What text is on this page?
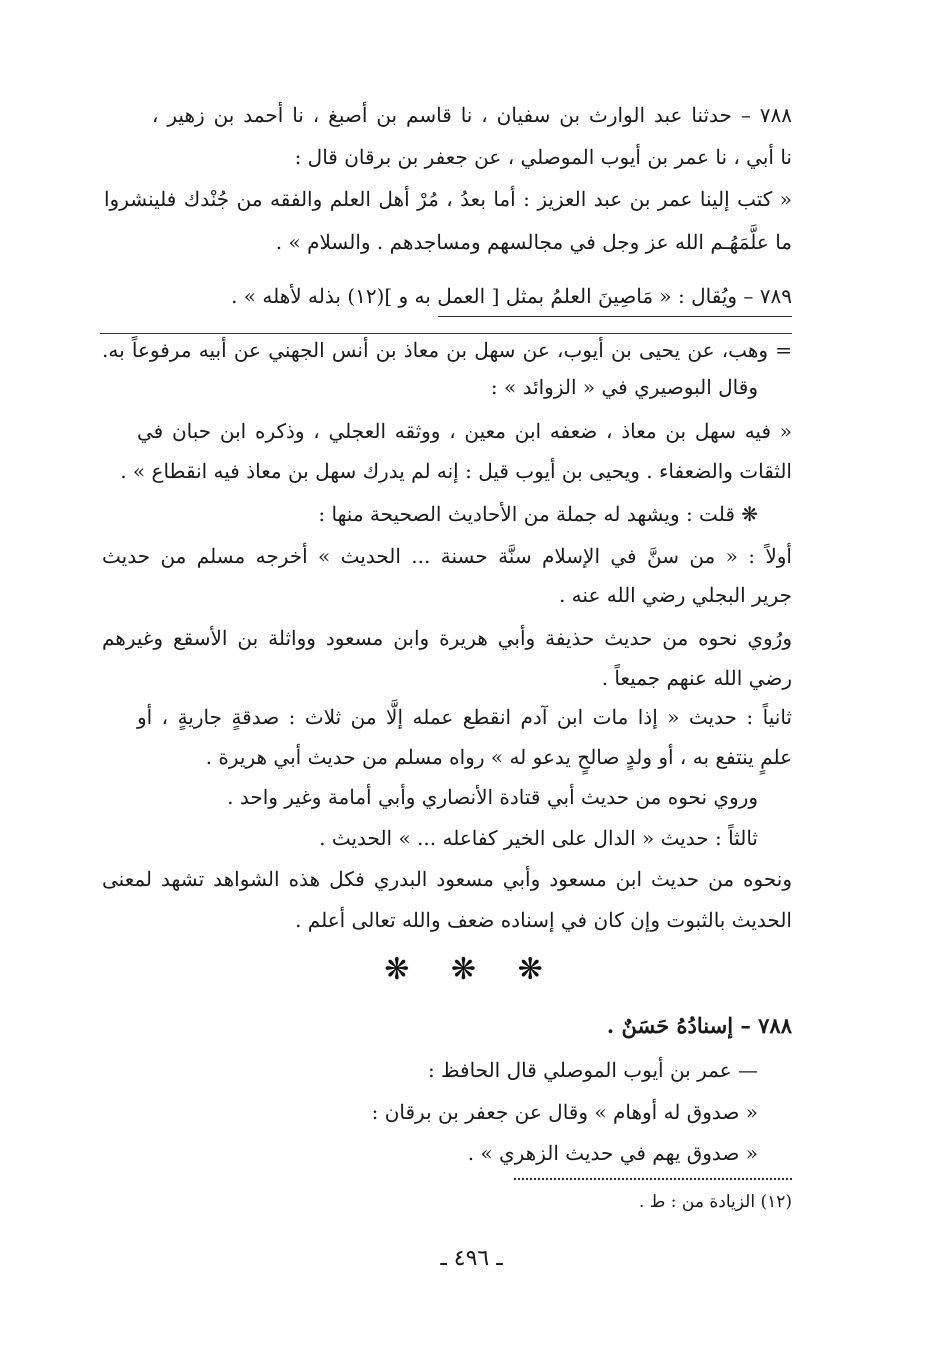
٧٨٨ – حدثنا عبد الوارث بن سفيان ، نا قاسم بن أصبغ ، نا أحمد بن زهير ،
نا أبي ، نا عمر بن أيوب الموصلي ، عن جعفر بن برقان قال :
« كتب إلينا عمر بن عبد العزيز : أما بعدُ ، مُرْ أهل العلم والفقه من جُنْدك فلينشروا
ما علَّمَهُـم الله عز وجل في مجالسهم ومساجدهم . والسلام » .
٧٨٩ – ويُقال : « مَاصِينَ العلمُ بمثل [ العمل به و ](١٢) بذله لأهله » .
= وهب، عن يحيى بن أيوب، عن سهل بن معاذ بن أنس الجهني عن أبيه مرفوعاً به.
وقال البوصيري في « الزوائد » :
« فيه سهل بن معاذ ، ضعفه ابن معين ، ووثقه العجلي ، وذكره ابن حبان في
الثقات والضعفاء . ويحيى بن أيوب قيل : إنه لم يدرك سهل بن معاذ فيه انقطاع » .
❋ قلت : ويشهد له جملة من الأحاديث الصحيحة منها :
أولاً : « من سنَّ في الإسلام سنَّة حسنة ... الحديث » أخرجه مسلم من حديث
جرير البجلي رضي الله عنه .
ورُوي نحوه من حديث حذيفة وأبي هريرة وابن مسعود وواثلة بن الأسقع وغيرهم
رضي الله عنهم جميعاً .
ثانياً : حديث « إذا مات ابن آدم انقطع عمله إلَّا من ثلاث : صدقةٍ جاريةٍ ، أو
علمٍ ينتفع به ، أو ولدٍ صالحٍ يدعو له » رواه مسلم من حديث أبي هريرة .
وروي نحوه من حديث أبي قتادة الأنصاري وأبي أمامة وغير واحد .
ثالثاً : حديث « الدال على الخير كفاعله ... » الحديث .
ونحوه من حديث ابن مسعود وأبي مسعود البدري فكل هذه الشواهد تشهد لمعنى
الحديث بالثبوت وإن كان في إسناده ضعف والله تعالى أعلم .
❋ ❋ ❋
٧٨٨ – إسنادُهُ حَسَنٌ .
— عمر بن أيوب الموصلي قال الحافظ :
« صدوق له أوهام » وقال عن جعفر بن برقان :
« صدوق يهم في حديث الزهري » .
(١٢) الزيادة من : ط .
ـ ٤٩٦ ـ
